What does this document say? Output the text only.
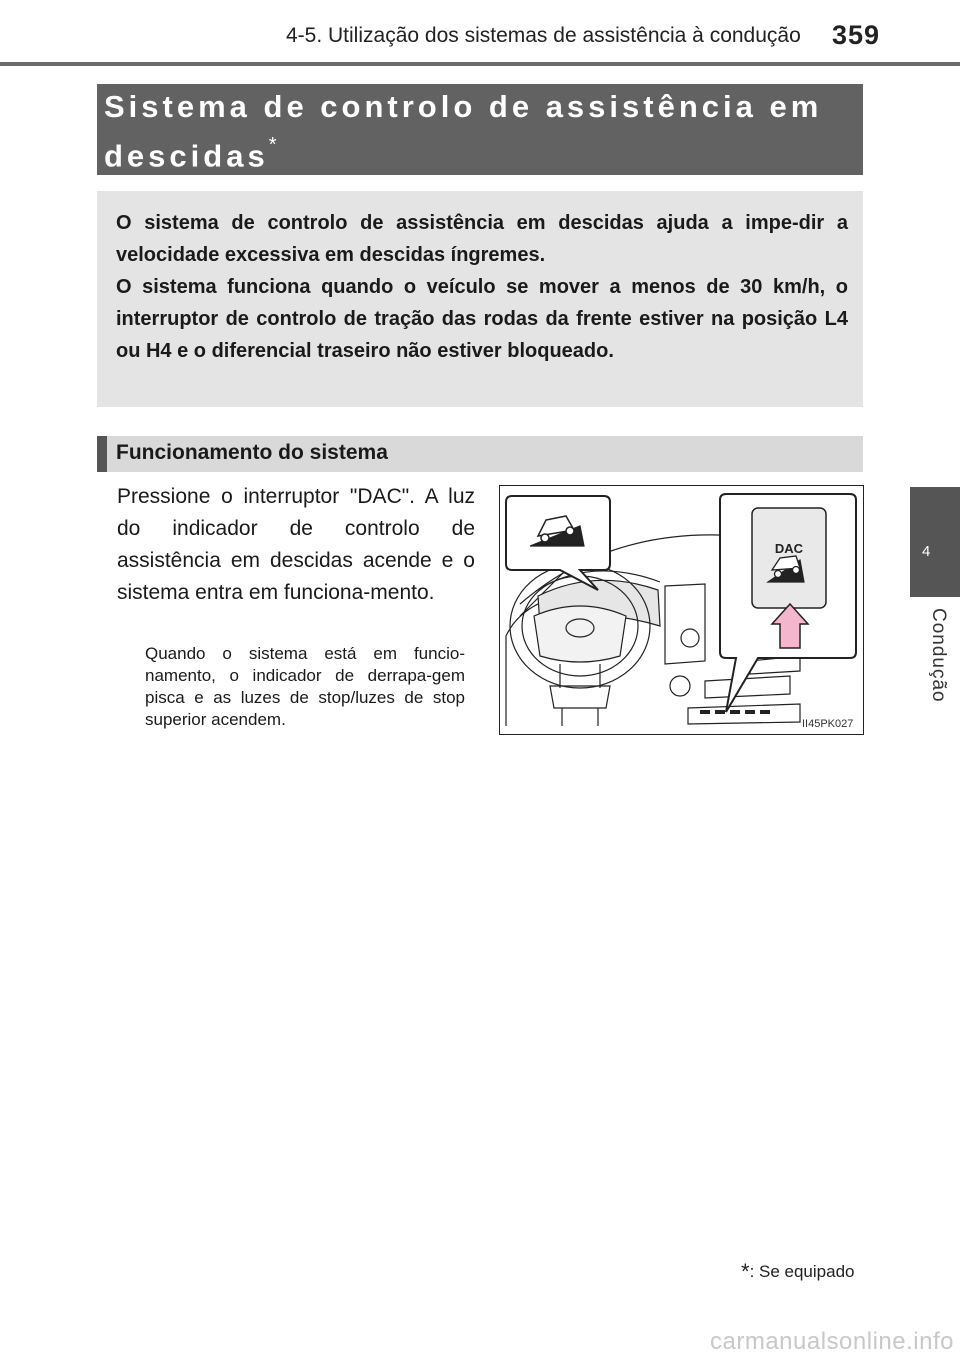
4-5. Utilização dos sistemas de assistência à condução 359
Sistema de controlo de assistência em descidas*

O sistema de controlo de assistência em descidas ajuda a impe-dir a velocidade excessiva em descidas íngremes.

O sistema funciona quando o veículo se mover a menos de 30 km/h, o interruptor de controlo de tração das rodas da frente estiver na posição L4 ou H4 e o diferencial traseiro não estiver bloqueado.

Funcionamento do sistema

Pressione o interruptor "DAC". A luz do indicador de controlo de assistência em descidas acende e o sistema entra em funciona-mento.

Quando o sistema está em funcio-namento, o indicador de derrapa-gem pisca e as luzes de stop/luzes de stop superior acendem.

DAC
II45PK027
4
Condução
*: Se equipado
carmanualsonline.info
